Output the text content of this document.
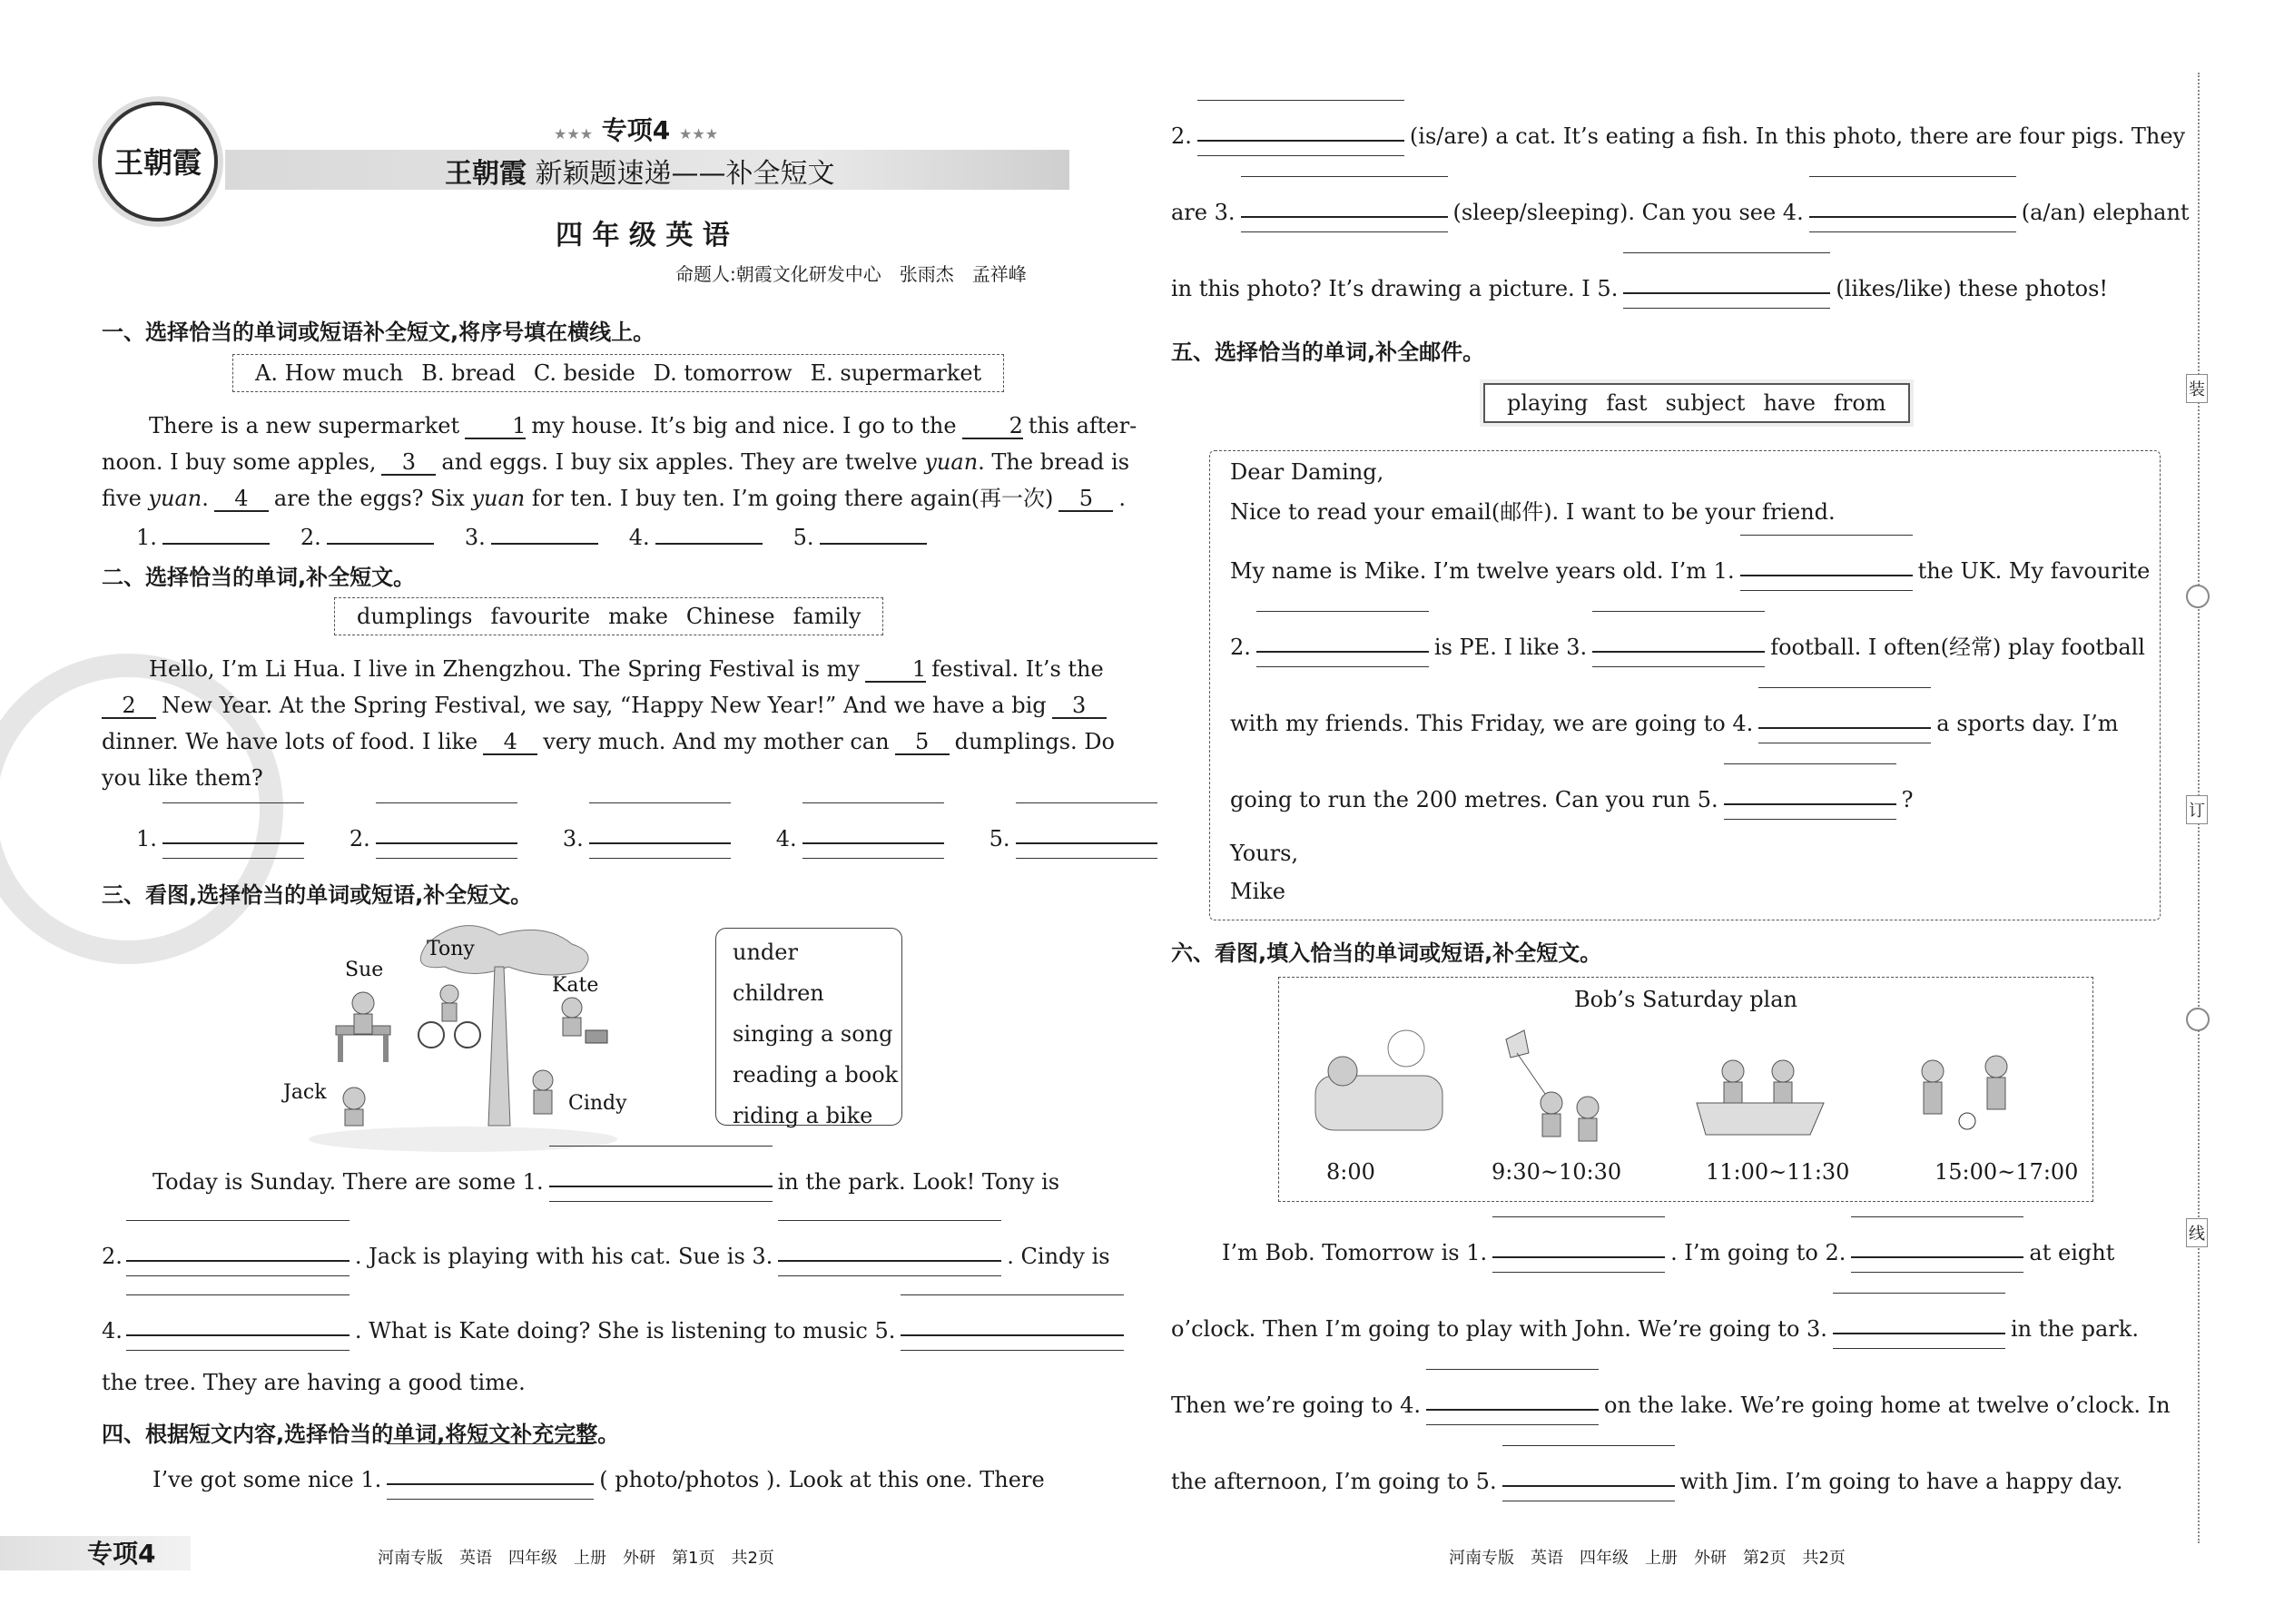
王朝霞
★★★ 专项4 ★★★
王朝霞 新颖题速递——补全短文
四 年 级 英 语
命题人:朝霞文化研发中心　张雨杰　孟祥峰
一、选择恰当的单词或短语补全短文,将序号填在横线上。
A. How much B. bread C. beside D. tomorrow E. supermarket
There is a new supermarket 1 my house. It’s big and nice. I go to the 2 this after-
noon. I buy some apples, 3 and eggs. I buy six apples. They are twelve yuan. The bread is
five yuan. 4 are the eggs? Six yuan for ten. I buy ten. I’m going there again(再一次) 5 .
1.	2.	3.	4.	5.
二、选择恰当的单词,补全短文。
dumplings favourite make Chinese family
Hello, I’m Li Hua. I live in Zhengzhou. The Spring Festival is my 1 festival. It’s the
2 New Year. At the Spring Festival, we say, “Happy New Year!” And we have a big 3
dinner. We have lots of food. I like 4 very much. And my mother can 5 dumplings. Do
you like them?
1.	2.	3.	4.	5.
三、看图,选择恰当的单词或短语,补全短文。
Sue
Tony
Kate
Jack	Cindy
under
children
singing a song
reading a book
riding a bike
Today is Sunday. There are some 1.	in the park. Look! Tony is
2.	. Jack is playing with his cat. Sue is 3.	. Cindy is
4.	. What is Kate doing? She is listening to music 5.
the tree. They are having a good time.
四、根据短文内容,选择恰当的单词,将短文补充完整。
I’ve got some nice 1.	( photo/photos ). Look at this one. There
专项4	河南专版　英语　四年级　上册　外研　第1页　共2页
2.	(is/are) a cat. It’s eating a fish. In this photo, there are four pigs. They
are 3.	(sleep/sleeping). Can you see 4.	(a/an) elephant
in this photo? It’s drawing a picture. I 5.	(likes/like) these photos!
五、选择恰当的单词,补全邮件。
playing fast subject have from
Dear Daming,
Nice to read your email(邮件). I want to be your friend.
My name is Mike. I’m twelve years old. I’m 1.	the UK. My favourite
2.	is PE. I like 3.	football. I often(经常) play football
with my friends. This Friday, we are going to 4.	a sports day. I’m
going to run the 200 metres. Can you run 5.	?
Yours,
Mike
六、看图,填入恰当的单词或短语,补全短文。
Bob’s Saturday plan
8:00	9:30~10:30	11:00~11:30	15:00~17:00
I’m Bob. Tomorrow is 1.	. I’m going to 2.	at eight
o’clock. Then I’m going to play with John. We’re going to 3.	in the park.
Then we’re going to 4.	on the lake. We’re going home at twelve o’clock. In
the afternoon, I’m going to 5.	with Jim. I’m going to have a happy day.
河南专版　英语　四年级　上册　外研　第2页　共2页
装
订
线
